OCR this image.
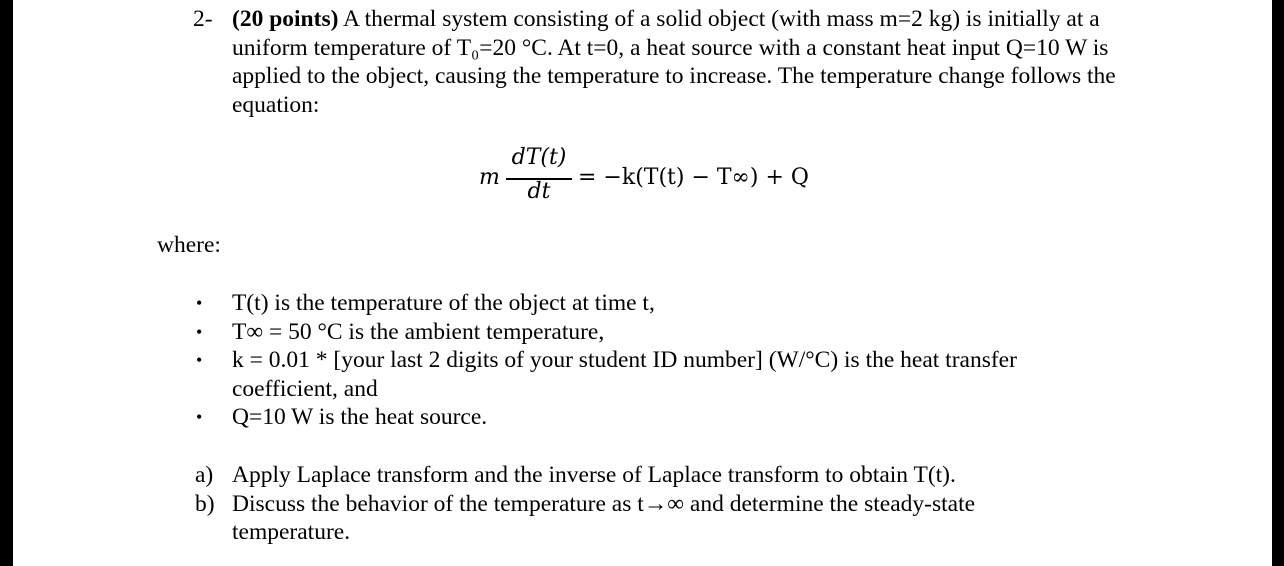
2- (20 points) A thermal system consisting of a solid object (with mass m=2 kg) is initially at a uniform temperature of T₀=20 °C. At t=0, a heat source with a constant heat input Q=10 W is applied to the object, causing the temperature to increase. The temperature change follows the equation:
m
dT(t)
dt
= −k(T(t) − T∞) + Q
where:
• T(t) is the temperature of the object at time t,
• T∞ = 50 °C is the ambient temperature,
• k = 0.01 * [your last 2 digits of your student ID number] (W/°C) is the heat transfer coefficient, and
• Q=10 W is the heat source.
a) Apply Laplace transform and the inverse of Laplace transform to obtain T(t).
b) Discuss the behavior of the temperature as t→∞ and determine the steady-state temperature.
